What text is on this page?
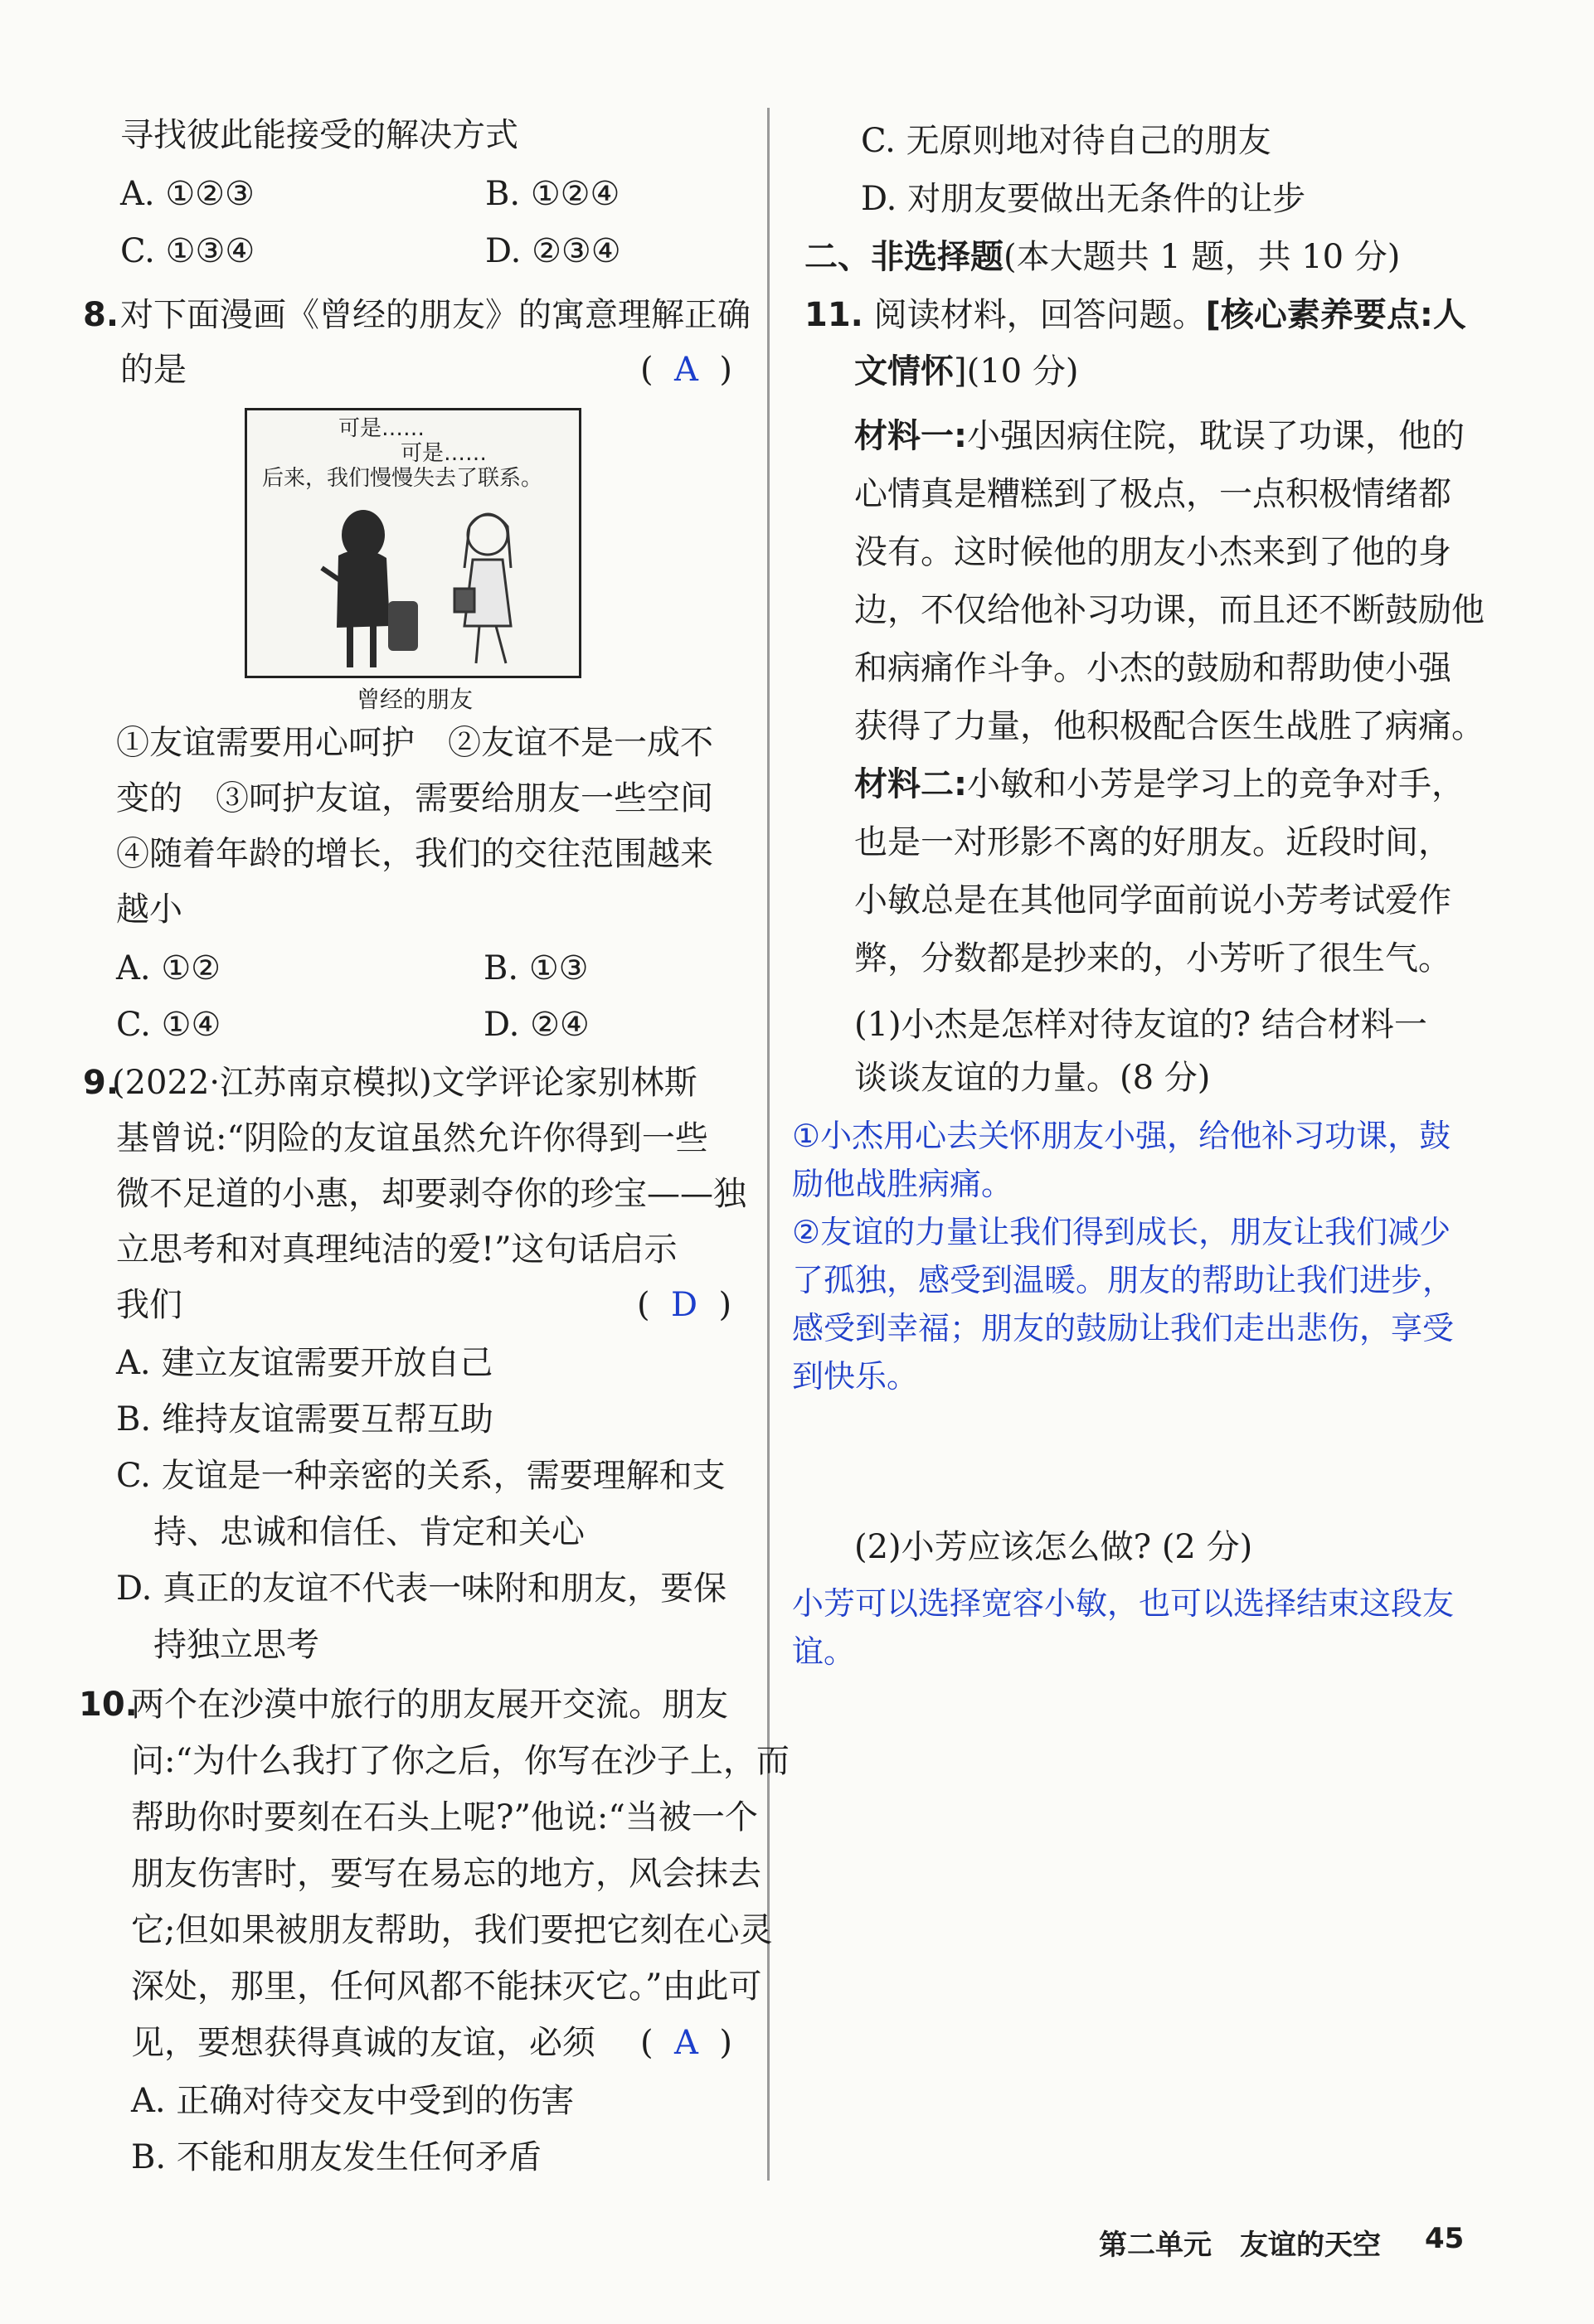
寻找彼此能接受的解决方式
A. ①②③	B. ①②④
C. ①③④	D. ②③④
8. 对下面漫画《曾经的朋友》的寓意理解正确
的是	(  A  )
可是……
可是……
后来，我们慢慢失去了联系。
曾经的朋友
①友谊需要用心呵护　②友谊不是一成不
变的　③呵护友谊，需要给朋友一些空间
④随着年龄的增长，我们的交往范围越来
越小
A. ①②	B. ①③
C. ①④	D. ②④
9.
(2022·江苏南京模拟)文学评论家别林斯
基曾说:“阴险的友谊虽然允许你得到一些
微不足道的小惠，却要剥夺你的珍宝——独
立思考和对真理纯洁的爱!”这句话启示
我们	(  D  )
A. 建立友谊需要开放自己
B. 维持友谊需要互帮互助
C. 友谊是一种亲密的关系，需要理解和支
持、忠诚和信任、肯定和关心
D. 真正的友谊不代表一味附和朋友，要保
持独立思考
10.
两个在沙漠中旅行的朋友展开交流。朋友
问:“为什么我打了你之后，你写在沙子上，而
帮助你时要刻在石头上呢?”他说:“当被一个
朋友伤害时，要写在易忘的地方，风会抹去
它;但如果被朋友帮助，我们要把它刻在心灵
深处，那里，任何风都不能抹灭它。”由此可
见，要想获得真诚的友谊，必须 (  A  )
A. 正确对待交友中受到的伤害
B. 不能和朋友发生任何矛盾
C. 无原则地对待自己的朋友
D. 对朋友要做出无条件的让步
二、非选择题(本大题共 1 题，共 10 分)
11. 阅读材料，回答问题。[核心素养要点:人
文情怀](10 分)
材料一:小强因病住院，耽误了功课，他的
心情真是糟糕到了极点，一点积极情绪都
没有。这时候他的朋友小杰来到了他的身
边，不仅给他补习功课，而且还不断鼓励他
和病痛作斗争。小杰的鼓励和帮助使小强
获得了力量，他积极配合医生战胜了病痛。
材料二:小敏和小芳是学习上的竞争对手，
也是一对形影不离的好朋友。近段时间，
小敏总是在其他同学面前说小芳考试爱作
弊，分数都是抄来的，小芳听了很生气。
(1)小杰是怎样对待友谊的? 结合材料一
谈谈友谊的力量。(8 分)
①小杰用心去关怀朋友小强，给他补习功课，鼓
励他战胜病痛。
②友谊的力量让我们得到成长，朋友让我们减少
了孤独，感受到温暖。朋友的帮助让我们进步，
感受到幸福；朋友的鼓励让我们走出悲伤，享受
到快乐。
(2)小芳应该怎么做? (2 分)
小芳可以选择宽容小敏，也可以选择结束这段友
谊。
第二单元　友谊的天空 45
